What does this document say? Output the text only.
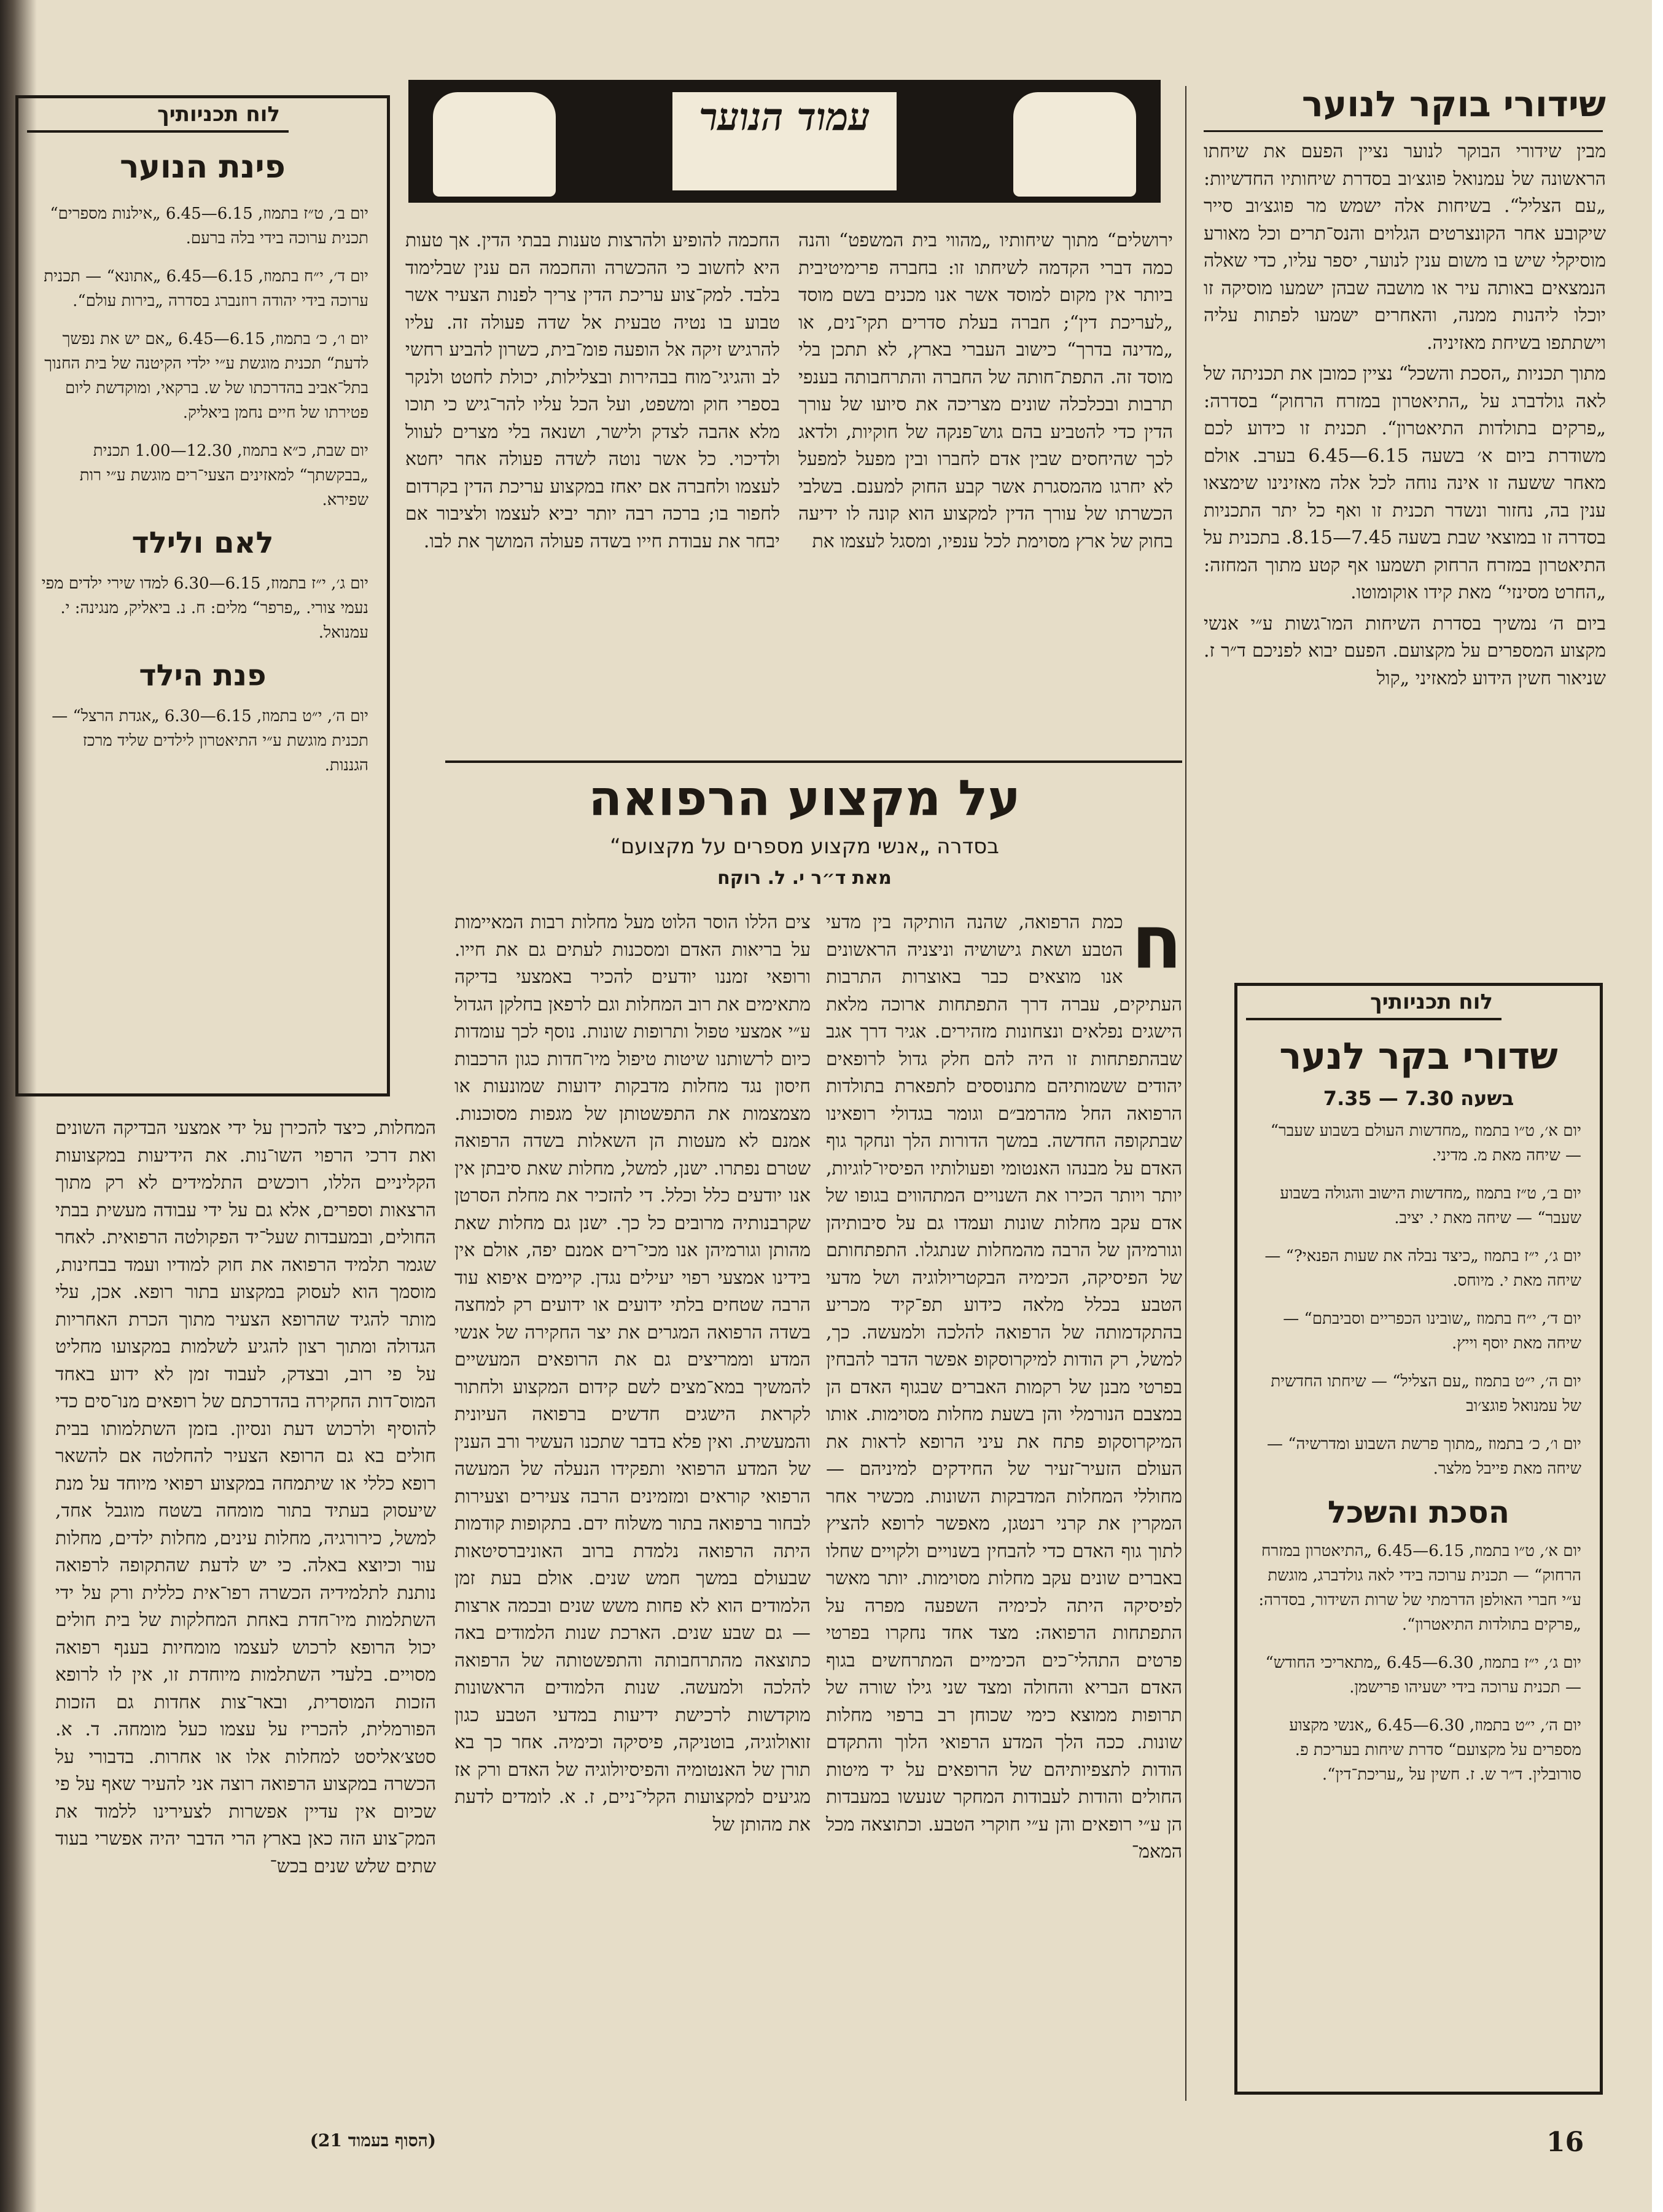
16
שידורי בוקר לנוער

מבין שידורי הבוקר לנוער נציין הפעם את שיחתו הראשונה של עמנואל פוגצ׳וב בסדרת שיחותיו החדשיות: „עם הצליל“. בשיחות אלה ישמש מר פוגצ׳וב סייר שיקובע אחר הקונצרטים הגלוים והנס־תרים וכל מאורע מוסיקלי שיש בו משום ענין לנוער, יספר עליו, כדי שאלה הנמצאים באותה עיר או מושבה שבהן ישמעו מוסיקה זו יוכלו ליהנות ממנה, והאחרים ישמעו לפתות עליה וישתתפו בשיחת מאזיניה.

מתוך תכניות „הסכת והשכל“ נציין כמובן את תכניתה של לאה גולדברג על „התיאטרון במזרח הרחוק“ בסדרה: „פרקים בתולדות התיאטרון“. תכנית זו כידוע לכם משודרת ביום א׳ בשעה 6.15—6.45 בערב. אולם מאחר ששעה זו אינה נוחה לכל אלה מאזינינו שימצאו ענין בה, נחזור ונשדר תכנית זו ואף כל יתר התכניות בסדרה זו במוצאי שבת בשעה 7.45—8.15. בתכנית על התיאטרון במזרח הרחוק תשמעו אף קטע מתוך המחזה: „החרט מסינזי“ מאת קידו אוקומוטו.

ביום ה׳ נמשיך בסדרת השיחות המו־גשות ע״י אנשי מקצוע המספרים על מקצועם. הפעם יבוא לפניכם ד״ר ז. שניאור חשין הידוע למאזיני „קול

לוח תכניותיך
שדורי בקר לנער
בשעה 7.30 — 7.35

יום א׳, ט״ו בתמוז „מחדשות העולם בשבוע שעבר“ — שיחה מאת מ. מדיני.

יום ב׳, ט״ז בתמוז „מחדשות הישוב והגולה בשבוע שעבר“ — שיחה מאת י. יציב.

יום ג׳, י״ז בתמוז „כיצד נבלה את שעות הפנאי?“ — שיחה מאת י. מיוחס.

יום ד׳, י״ח בתמוז „שובינו הכפריים וסביבתם“ — שיחה מאת יוסף וייץ.

יום ה׳, י״ט בתמוז „עם הצליל“ — שיחתו החדשית של עמנואל פוגצ׳וב

יום ו׳, כ׳ בתמוז „מתוך פרשת השבוע ומדרשיה“ — שיחה מאת פייבל מלצר.

הסכת והשכל

יום א׳, ט״ו בתמוז, 6.15—6.45 „התיאטרון במזרח הרחוק“ — תכנית ערוכה בידי לאה גולדברג, מוגשת ע״י חברי האולפן הדרמתי של שרות השידור, בסדרה: „פרקים בתולדות התיאטרון“.

יום ג׳, י״ז בתמוז, 6.30—6.45 „מתאריכי החודש“ — תכנית ערוכה בידי ישעיהו פרישמן.

יום ה׳, י״ט בתמוז, 6.30—6.45 „אנשי מקצוע מספרים על מקצועם“ סדרת שיחות בעריכת פ. סורובלין. ד״ר ש. ז. חשין על „עריכת־דין“.

עמוד הנוער
ירושלים“ מתוך שיחותיו „מהווי בית המשפט“ והנה כמה דברי הקדמה לשיחתו זו: בחברה פרימיטיבית ביותר אין מקום למוסד אשר אנו מכנים בשם מוסד „לעריכת דין“; חברה בעלת סדרים תקי־נים, או „מדינה בדרך“ כישוב העברי בארץ, לא תתכן בלי מוסד זה. התפת־חותה של החברה והתרחבותה בענפי תרבות ובכלכלה שונים מצריכה את סיועו של עורך הדין כדי להטביע בהם גוש־פנקה של חוקיות, ולדאג לכך שהיחסים שבין אדם לחברו ובין מפעל למפעל לא יחרגו מהמסגרת אשר קבע החוק למענם. בשלבי הכשרתו של עורך הדין למקצוע הוא קונה לו ידיעה בחוק של ארץ מסוימת לכל ענפיו, ומסגל לעצמו את
החכמה להופיע ולהרצות טענות בבתי הדין. אך טעות היא לחשוב כי ההכשרה והחכמה הם ענין שבלימוד בלבד. למק־צוע עריכת הדין צריך לפנות הצעיר אשר טבוע בו נטיה טבעית אל שדה פעולה זה. עליו להרגיש זיקה אל הופעה פומ־בית, כשרון להביע רחשי לב והגיגי־מוח בבהירות ובצלילות, יכולת לחטט ולנקר בספרי חוק ומשפט, ועל הכל עליו להר־גיש כי תוכו מלא אהבה לצדק ולישר, ושנאה בלי מצרים לעוול ולדיכוי. כל אשר נוטה לשדה פעולה אחר יחטא לעצמו ולחברה אם יאחז במקצוע עריכת הדין בקרדום לחפור בו; ברכה רבה יותר יביא לעצמו ולציבור אם יבחר את עבודת חייו בשדה פעולה המושך את לבו.
על מקצוע הרפואה
בסדרה „אנשי מקצוע מספרים על מקצועם“
מאת ד״ר י. ל. רוקח
ח
כמת הרפואה, שהנה הותיקה בין מדעי הטבע ושאת גישושיה וניצניה הראשונים אנו מוצאים כבר באוצרות התרבות העתיקים, עברה דרך התפתחות ארוכה מלאת הישגים נפלאים ונצחונות מזהירים. אגיר דרך אגב שבהתפתחות זו היה להם חלק גדול לרופאים יהודים ששמותיהם מתנוססים לתפארת בתולדות הרפואה החל מהרמב״ם וגומר בגדולי רופאינו שבתקופה החדשה. במשך הדורות הלך ונחקר גוף האדם על מבנהו האנטומי ופעולותיו הפיסיו־לוגיות, יותר ויותר הכירו את השנויים המתהווים בגופו של אדם עקב מחלות שונות ועמדו גם על סיבותיהן וגורמיהן של הרבה מהמחלות שנתגלו. התפתחותם של הפיסיקה, הכימיה הבקטריולוגיה ושל מדעי הטבע בכלל מלאה כידוע תפ־קיד מכריע בהתקדמותה של הרפואה להלכה ולמעשה. כך, למשל, רק הודות למיקרוסקופ אפשר הדבר להבחין בפרטי מבנן של רקמות האברים שבגוף האדם הן במצבם הנורמלי והן בשעת מחלות מסוימות. אותו המיקרוסקופ פתח את עיני הרופא לראות את העולם הזעיר־זעיר של החידקים למיניהם — מחוללי המחלות המדבקות השונות. מכשיר אחר המקרין את קרני רנטגן, מאפשר לרופא להציץ לתוך גוף האדם כדי להבחין בשנויים ולקויים שחלו באברים שונים עקב מחלות מסוימות. יותר מאשר לפיסיקה היתה לכימיה השפעה מפרה על התפתחות הרפואה: מצד אחד נחקרו בפרטי פרטים התהלי־כים הכימיים המתרחשים בגוף האדם הבריא והחולה ומצד שני גילו שורה של תרופות ממוצא כימי שכוחן רב ברפוי מחלות שונות. ככה הלך המדע הרפואי הלוך והתקדם הודות לתצפיותיהם של הרופאים על יד מיטות החולים והודות לעבודות המחקר שנעשו במעבדות הן ע״י רופאים והן ע״י חוקרי הטבע. וכתוצאה מכל המאמ־
צים הללו הוסר הלוט מעל מחלות רבות המאיימות על בריאות האדם ומסכנות לעתים גם את חייו. ורופאי זמננו יודעים להכיר באמצעי בדיקה מתאימים את רוב המחלות וגם לרפאן בחלקן הגדול ע״י אמצעי טפול ותרופות שונות. נוסף לכך עומדות כיום לרשותנו שיטות טיפול מיו־חדות כגון הרכבות חיסון נגד מחלות מדבקות ידועות שמונעות או מצמצמות את התפשטותן של מגפות מסוכנות. אמנם לא מעטות הן השאלות בשדה הרפואה שטרם נפתרו. ישנן, למשל, מחלות שאת סיבתן אין אנו יודעים כלל וכלל. די להזכיר את מחלת הסרטן שקרבנותיה מרובים כל כך. ישנן גם מחלות שאת מהותן וגורמיהן אנו מכי־רים אמנם יפה, אולם אין בידינו אמצעי רפוי יעילים נגדן. קיימים איפוא עוד הרבה שטחים בלתי ידועים או ידועים רק למחצה בשדה הרפואה המגרים את יצר החקירה של אנשי המדע וממריצים גם את הרופאים המעשיים להמשיך במא־מצים לשם קידום המקצוע ולחתור לקראת הישגים חדשים ברפואה העיונית והמעשית. ואין פלא בדבר שתכנו העשיר ורב הענין של המדע הרפואי ותפקידו הנעלה של המעשה הרפואי קוראים ומזמינים הרבה צעירים וצעירות לבחור ברפואה בתור משלוח ידם. בתקופות קודמות היתה הרפואה נלמדת ברוב האוניברסיטאות שבעולם במשך חמש שנים. אולם בעת זמן הלמודים הוא לא פחות משש שנים ובכמה ארצות — גם שבע שנים. הארכת שנות הלמודים באה כתוצאה מהתרחבותה והתפשטותה של הרפואה להלכה ולמעשה. שנות הלמודים הראשונות מוקדשות לרכישת ידיעות במדעי הטבע כגון זואולוגיה, בוטניקה, פיסיקה וכימיה. אחר כך בא תורן של האנטומיה והפיסיולוגיה של האדם ורק אז מגיעים למקצועות הקלי־ניים, ז. א. לומדים לדעת את מהותן של
המחלות, כיצד להכירן על ידי אמצעי הבדיקה השונים ואת דרכי הרפוי השו־נות. את הידיעות במקצועות הקליניים הללו, רוכשים התלמידים לא רק מתוך הרצאות וספרים, אלא גם על ידי עבודה מעשית בבתי החולים, ובמעבדות שעל־יד הפקולטה הרפואית. לאחר שגמר תלמיד הרפואה את חוק למודיו ועמד בבחינות, מוסמך הוא לעסוק במקצוע בתור רופא. אכן, עלי מותר להגיד שהרופא הצעיר מתוך הכרת האחריות הגדולה ומתוך רצון להגיע לשלמות במקצועו מחליט על פי רוב, ובצדק, לעבוד זמן לא ידוע באחד המוס־דות החקירה בהדרכתם של רופאים מנו־סים כדי להוסיף ולרכוש דעת ונסיון. בזמן השתלמותו בבית חולים בא גם הרופא הצעיר להחלטה אם להשאר רופא כללי או שיתמחה במקצוע רפואי מיוחד על מנת שיעסוק בעתיד בתור מומחה בשטח מוגבל אחד, למשל, כירורגיה, מחלות עינים, מחלות ילדים, מחלות עור וכיוצא באלה. כי יש לדעת שהתקופה לרפואה נותנת לתלמידיה הכשרה רפו־אית כללית ורק על ידי השתלמות מיו־חדת באחת המחלקות של בית חולים יכול הרופא לרכוש לעצמו מומחיות בענף רפואה מסויים. בלעדי השתלמות מיוחדת זו, אין לו לרופא הזכות המוסרית, ובאר־צות אחדות גם הזכות הפורמלית, להכריז על עצמו כעל מומחה. ד. א. סטצ׳אליסט למחלות אלו או אחרות. בדבורי על הכשרה במקצוע הרפואה רוצה אני להעיר שאף על פי שכיום אין עדיין אפשרות לצעירינו ללמוד את המק־צוע הזה כאן בארץ הרי הדבר יהיה אפשרי בעוד שתים שלש שנים בכש־
(הסוף בעמוד 21)
לוח תכניותיך
פינת הנוער

יום ב׳, ט״ז בתמוז, 6.15—6.45 „אילנות מספרים“ תכנית ערוכה בידי בלה ברעם.

יום ד׳, י״ח בתמוז, 6.15—6.45 „אתונא“ — תכנית ערוכה בידי יהודה רוזנברג בסדרה „בירות עולם“.

יום ו׳, כ׳ בתמוז, 6.15—6.45 „אם יש את נפשך לדעת“ תכנית מוגשת ע״י ילדי הקיטנה של בית החנוך בתל־אביב בהדרכתו של ש. ברקאי, ומוקדשת ליום פטירתו של חיים נחמן ביאליק.

יום שבת, כ״א בתמוז, 12.30—1.00 תכנית „בבקשתך“ למאזינים הצעי־רים מוגשת ע״י רות שפירא.

לאם ולילד

יום ג׳, י״ז בתמוז, 6.15—6.30 למדו שירי ילדים מפי נעמי צורי. „פרפר“ מלים: ח. נ. ביאליק, מנגינה: י. עמנואל.

פנת הילד

יום ה׳, י״ט בתמוז, 6.15—6.30 „אגדת הרצל“ — תכנית מוגשת ע״י התיאטרון לילדים שליד מרכז הגננות.
